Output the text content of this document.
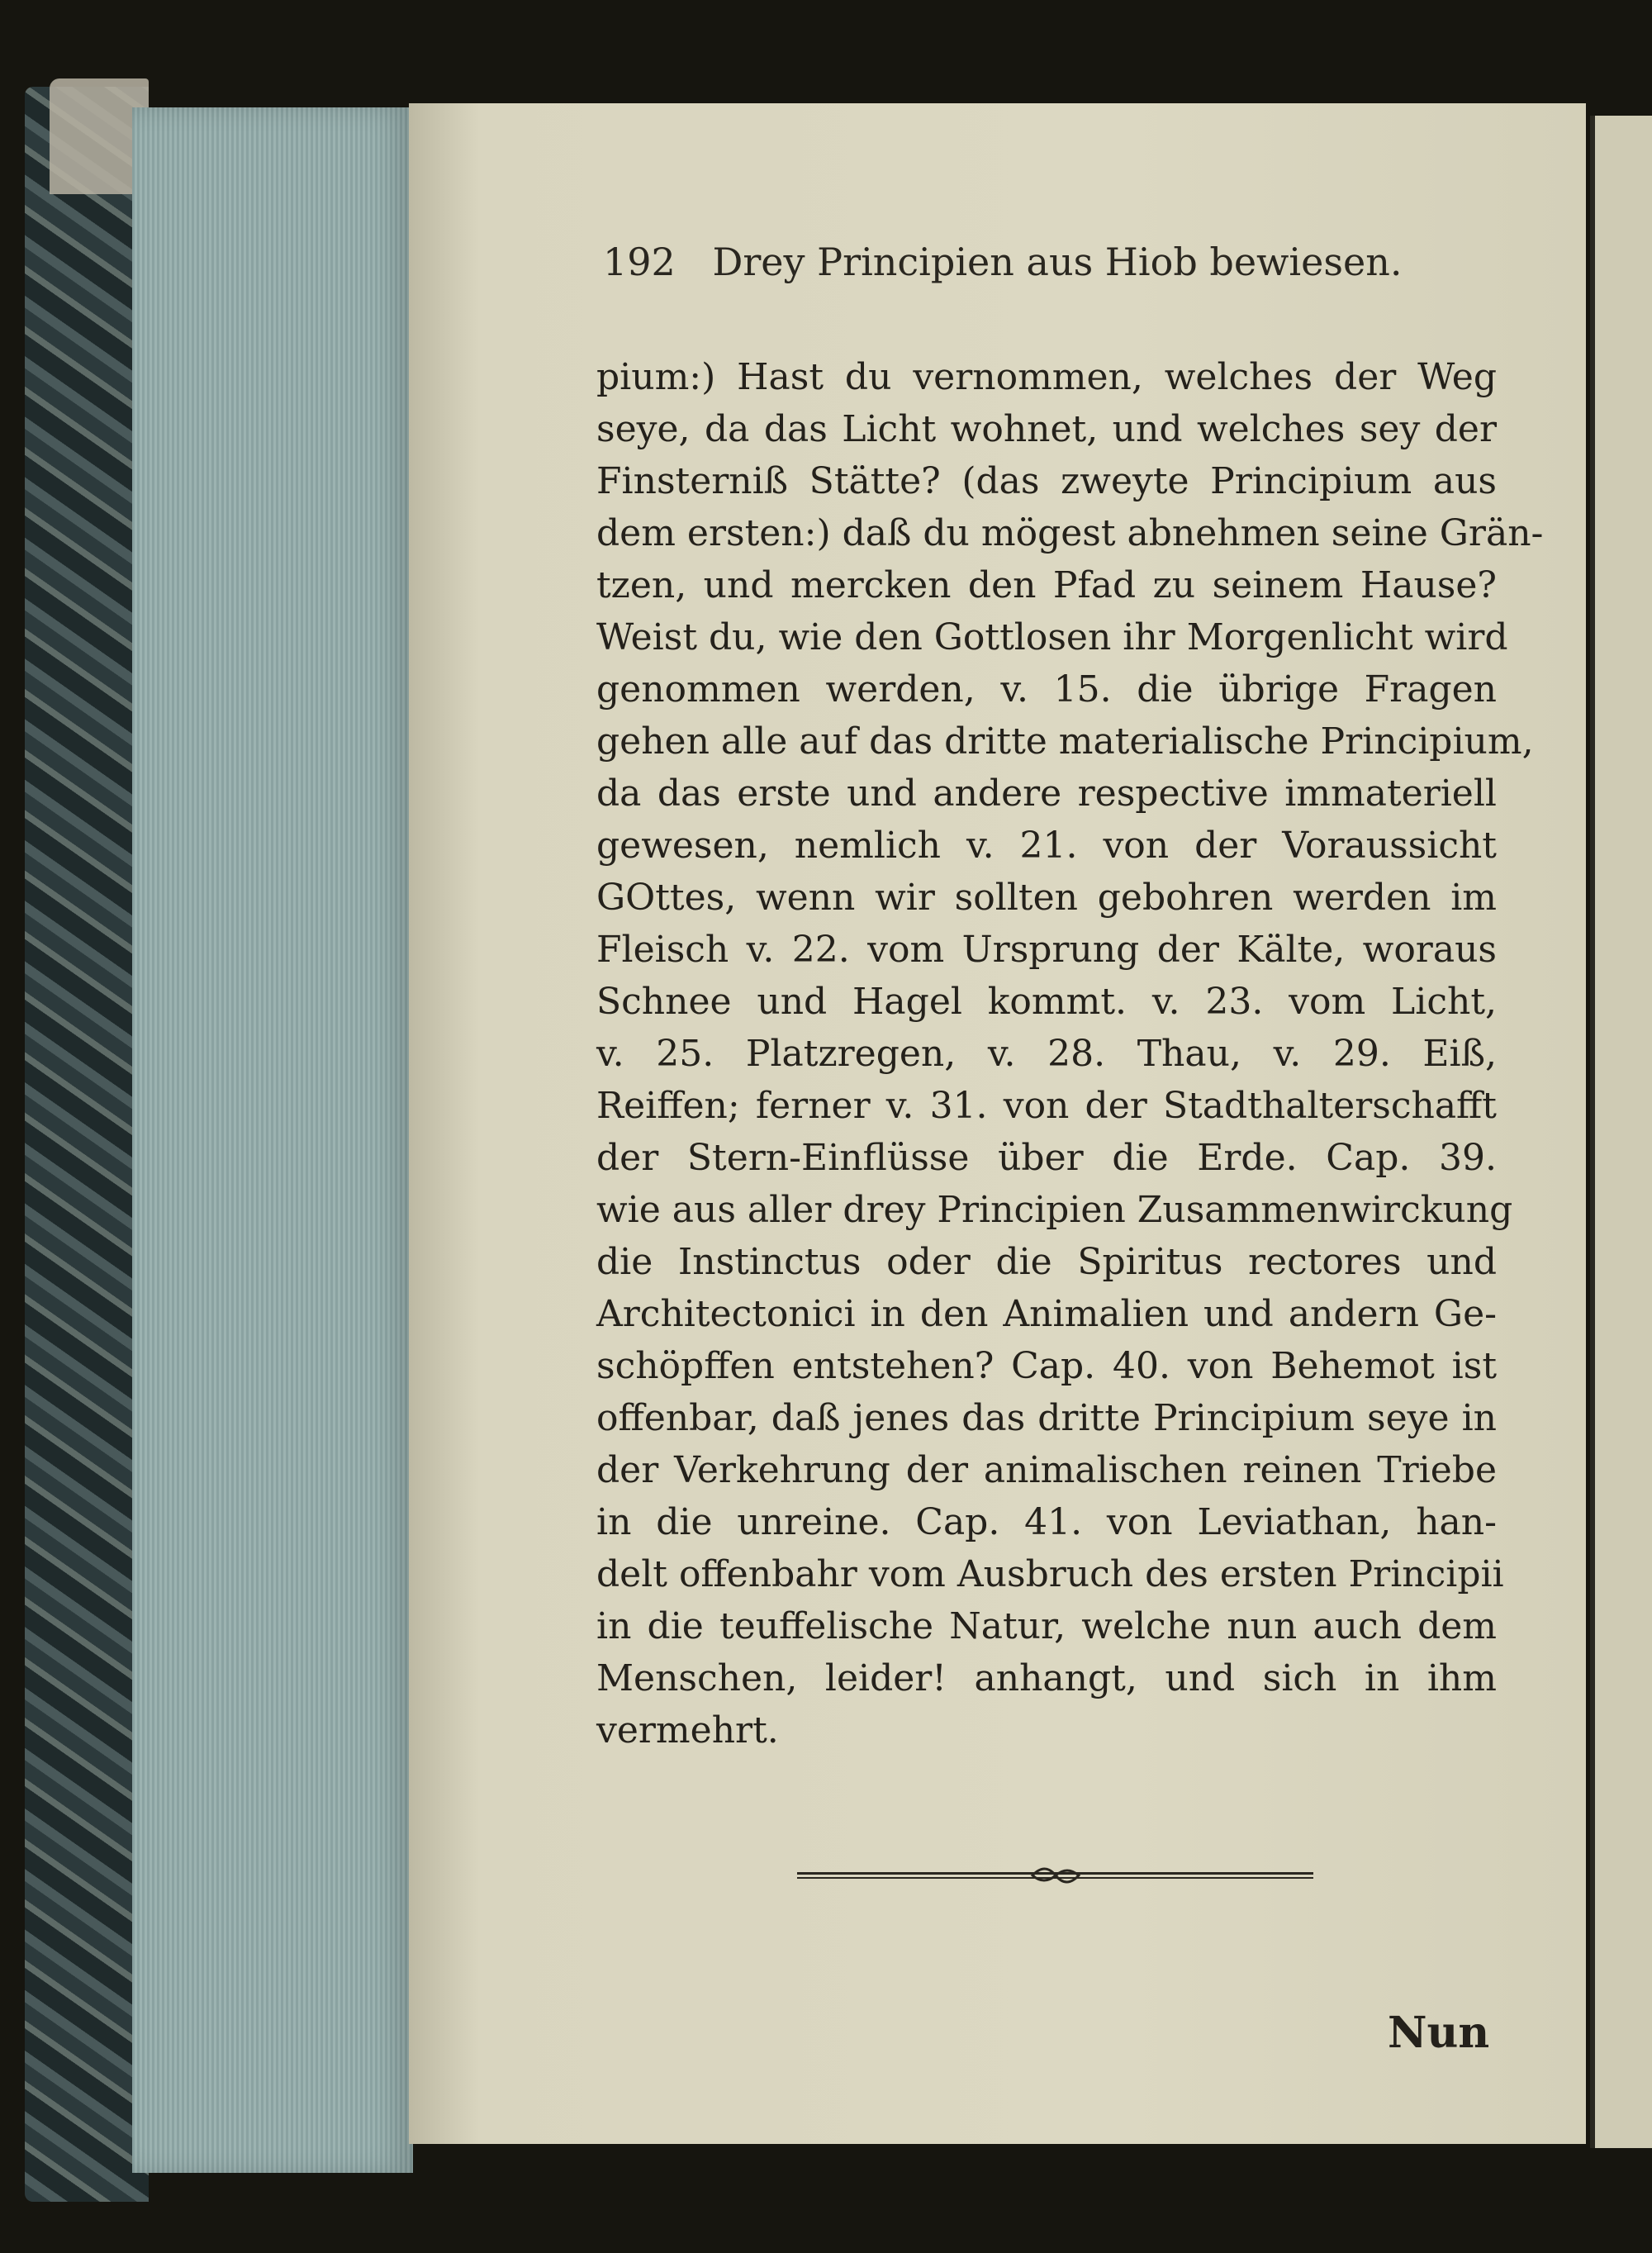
192 Drey Principien aus Hiob bewiesen.
pium:) Hast du vernommen, welches der Weg
seye, da das Licht wohnet, und welches sey der
Finsterniß Stätte? (das zweyte Principium aus
dem ersten:) daß du mögest abnehmen seine Grän-
tzen, und mercken den Pfad zu seinem Hause?
Weist du, wie den Gottlosen ihr Morgenlicht wird
genommen werden, v. 15. die übrige Fragen
gehen alle auf das dritte materialische Principium,
da das erste und andere respective immateriell
gewesen, nemlich v. 21. von der Voraussicht
GOttes, wenn wir sollten gebohren werden im
Fleisch v. 22. vom Ursprung der Kälte, woraus
Schnee und Hagel kommt. v. 23. vom Licht,
v. 25. Platzregen, v. 28. Thau, v. 29. Eiß,
Reiffen; ferner v. 31. von der Stadthalterschafft
der Stern-Einflüsse über die Erde. Cap. 39.
wie aus aller drey Principien Zusammenwirckung
die Instinctus oder die Spiritus rectores und
Architectonici in den Animalien und andern Ge-
schöpffen entstehen? Cap. 40. von Behemot ist
offenbar, daß jenes das dritte Principium seye in
der Verkehrung der animalischen reinen Triebe
in die unreine. Cap. 41. von Leviathan, han-
delt offenbahr vom Ausbruch des ersten Principii
in die teuffelische Natur, welche nun auch dem
Menschen, leider! anhangt, und sich in ihm
vermehrt.
Nun
